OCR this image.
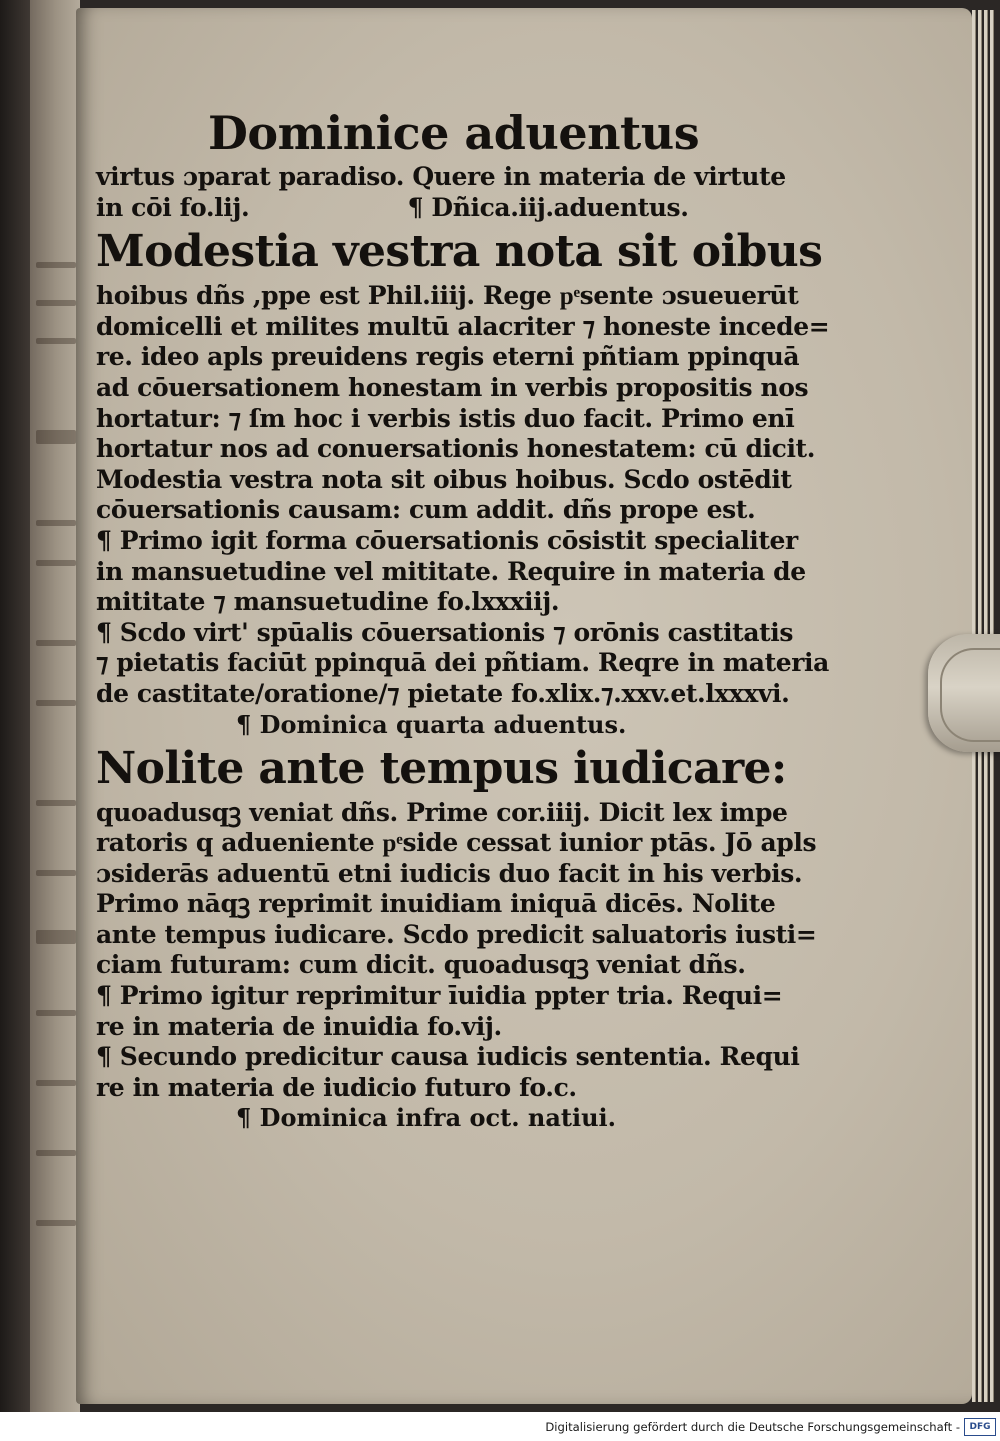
Dominice aduentus
virtus ɔparat paradiso. Quere in materia de virtute
in cōi fo.lij.	¶ Dñica.iij.aduentus.
Modestia vestra nota sit oibus
hoibus dñs ,ppe est Phil.iiij. Rege pͤsente ɔsueuerūt
domicelli et milites multū alacriter ⁊ honeste incede=
re. ideo apls preuidens regis eterni pñtiam ppinquā
ad cōuersationem honestam in verbis propositis nos
hortatur: ⁊ ſm hoc i verbis istis duo facit. Primo enī
hortatur nos ad conuersationis honestatem: cū dicit.
Modestia vestra nota sit oibus hoibus. Scdo ostēdit
cōuersationis causam: cum addit. dñs prope est.
¶ Primo igit forma cōuersationis cōsistit specialiter
in mansuetudine vel mititate. Require in materia de
mititate ⁊ mansuetudine fo.lxxxiij.
¶ Scdo virt' spūalis cōuersationis ⁊ orōnis castitatis
⁊ pietatis faciūt ppinquā dei pñtiam. Reqre in materia
de castitate/oratione/⁊ pietate fo.xlix.⁊.xxv.et.lxxxvi.
¶ Dominica quarta aduentus.
Nolite ante tempus iudicare:
quoadusqꝫ veniat dñs. Prime cor.iiij. Dicit lex impe
ratoris q aduenientе pͤside cessat iunior ptās. Jō apls
ɔsiderās aduentū etni iudicis duo facit in his verbis.
Primo nāqꝫ reprimit inuidiam iniquā dicēs. Nolite
ante tempus iudicare. Scdo predicit saluatoris iusti=
ciam futuram: cum dicit. quoadusqꝫ veniat dñs.
¶ Primo igitur reprimitur īuidia ppter tria. Requi=
re in materia de inuidia fo.vij.
¶ Secundo predicitur causa iudicis sententia. Requi
re in materia de iudicio futuro fo.c.
¶ Dominica infra oct. natiui.
Digitalisierung gefördert durch die Deutsche Forschungsgemeinschaft -	DFG
